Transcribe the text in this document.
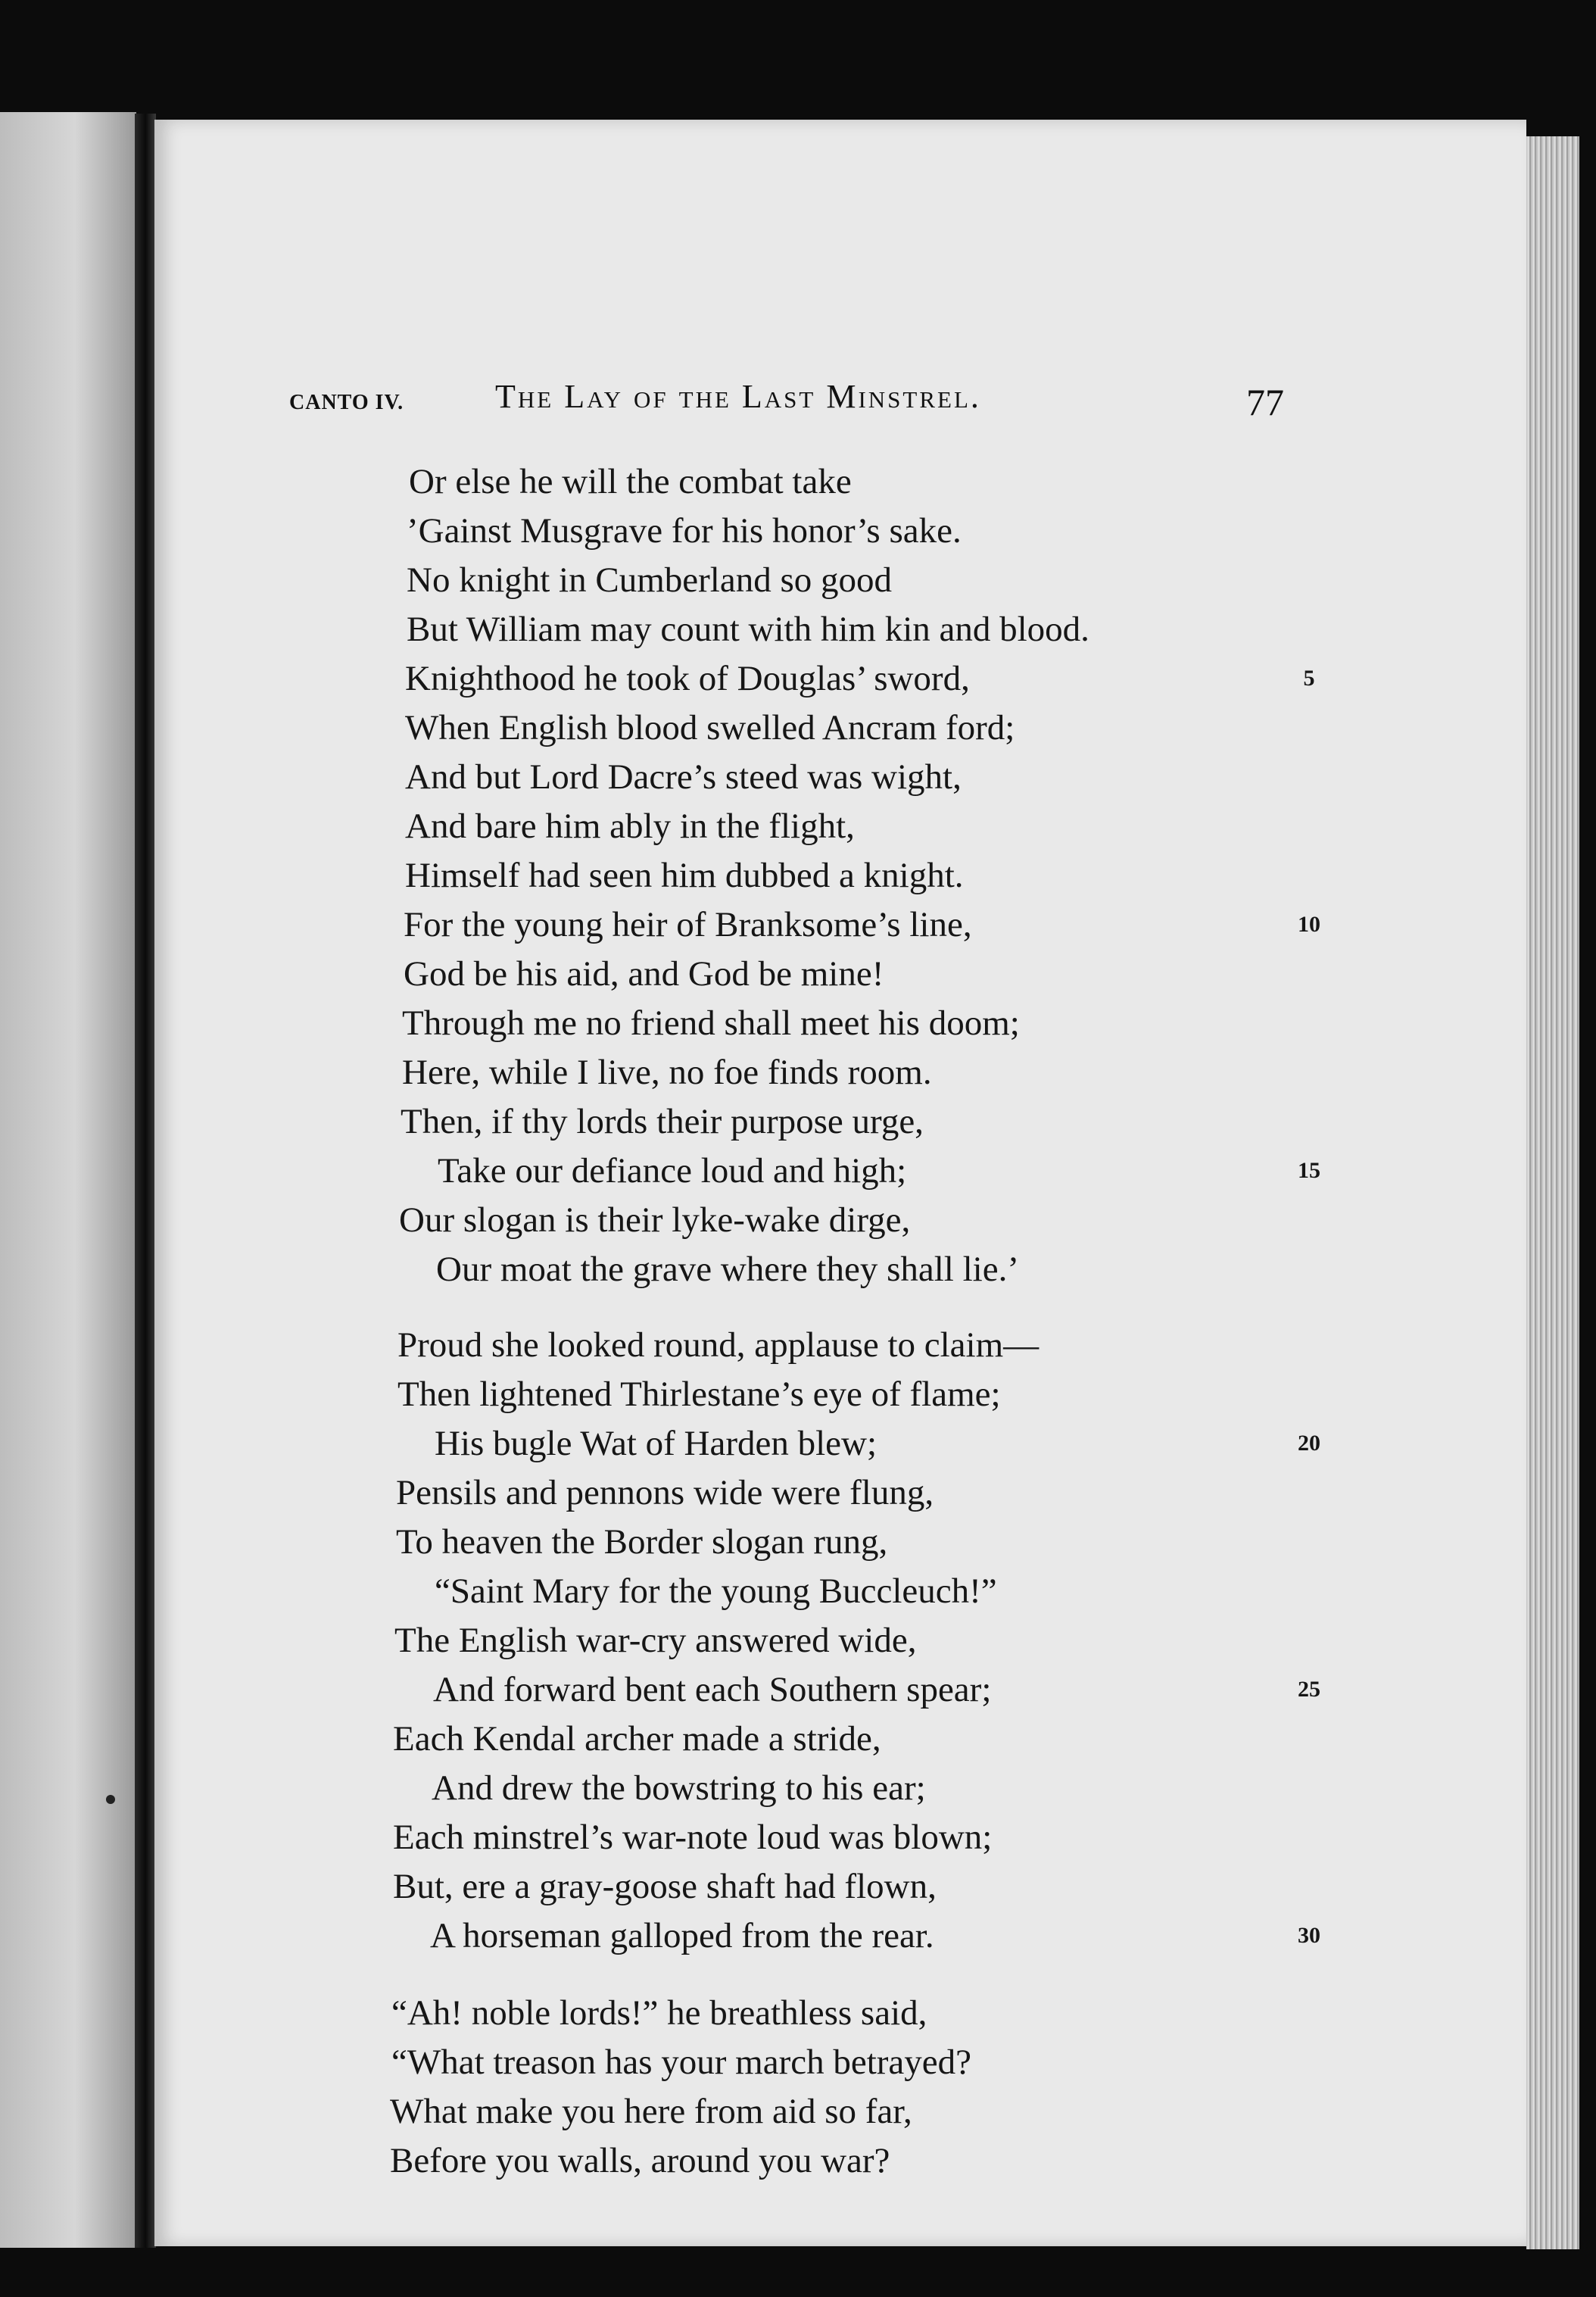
CANTO IV.	The Lay of the Last Minstrel.	77

Or else he will the combat take

’Gainst Musgrave for his honor’s sake.

No knight in Cumberland so good

But William may count with him kin and blood.

Knighthood he took of Douglas’ sword,

When English blood swelled Ancram ford;

And but Lord Dacre’s steed was wight,

And bare him ably in the flight,

Himself had seen him dubbed a knight.

For the young heir of Branksome’s line,

God be his aid, and God be mine!

Through me no friend shall meet his doom;

Here, while I live, no foe finds room.

Then, if thy lords their purpose urge,

Take our defiance loud and high;

Our slogan is their lyke-wake dirge,

Our moat the grave where they shall lie.’

Proud she looked round, applause to claim—

Then lightened Thirlestane’s eye of flame;

His bugle Wat of Harden blew;

Pensils and pennons wide were flung,

To heaven the Border slogan rung,

“Saint Mary for the young Buccleuch!”

The English war-cry answered wide,

And forward bent each Southern spear;

Each Kendal archer made a stride,

And drew the bowstring to his ear;

Each minstrel’s war-note loud was blown;

But, ere a gray-goose shaft had flown,

A horseman galloped from the rear.

“Ah! noble lords!” he breathless said,

“What treason has your march betrayed?

What make you here from aid so far,

Before you walls, around you war?

5
10
15
20
25
30
